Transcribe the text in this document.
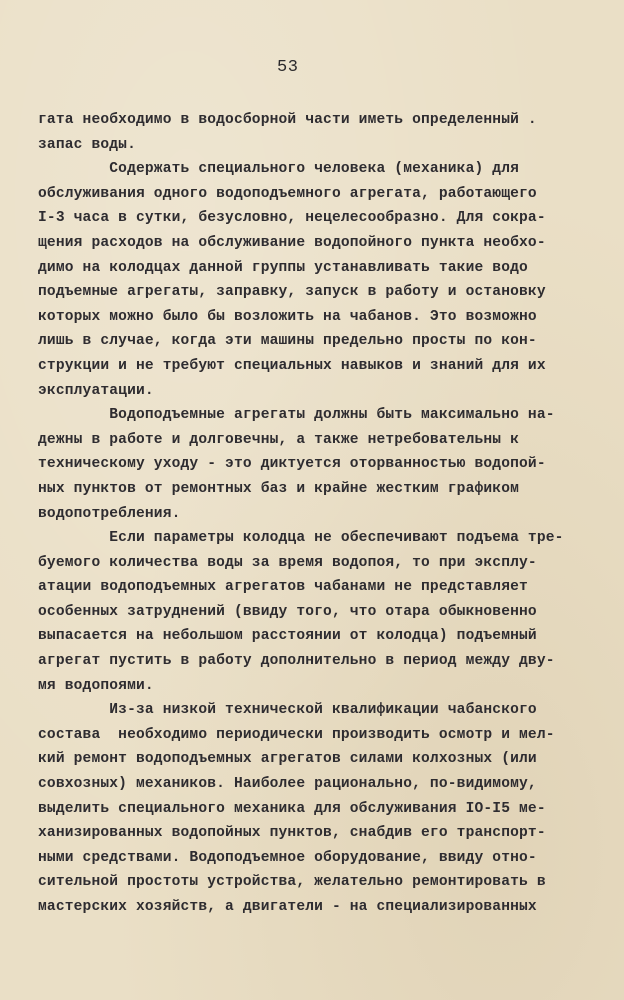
53
гата необходимо в водосборной части иметь определенный .
запас воды.
Содержать специального человека (механика) для
обслуживания одного водоподъемного агрегата, работающего
I-3 часа в сутки, безусловно, нецелесообразно. Для сокра-
щения расходов на обслуживание водопойного пункта необхо-
димо на колодцах данной группы устанавливать такие водо
подъемные агрегаты, заправку, запуск в работу и остановку
которых можно было бы возложить на чабанов. Это возможно
лишь в случае, когда эти машины предельно просты по кон-
струкции и не требуют специальных навыков и знаний для их
эксплуатации.
Водоподъемные агрегаты должны быть максимально на-
дежны в работе и долговечны, а также нетребовательны к
техническому уходу - это диктуется оторванностью водопой-
ных пунктов от ремонтных баз и крайне жестким графиком
водопотребления.
Если параметры колодца не обеспечивают подъема тре-
буемого количества воды за время водопоя, то при эксплу-
атации водоподъемных агрегатов чабанами не представляет
особенных затруднений (ввиду того, что отара обыкновенно
выпасается на небольшом расстоянии от колодца) подъемный
агрегат пустить в работу дополнительно в период между дву-
мя водопоями.
Из-за низкой технической квалификации чабанского
состава  необходимо периодически производить осмотр и мел-
кий ремонт водоподъемных агрегатов силами колхозных (или
совхозных) механиков. Наиболее рационально, по-видимому,
выделить специального механика для обслуживания IO-I5 ме-
ханизированных водопойных пунктов, снабдив его транспорт-
ными средствами. Водоподъемное оборудование, ввиду отно-
сительной простоты устройства, желательно ремонтировать в
мастерских хозяйств, а двигатели - на специализированных
